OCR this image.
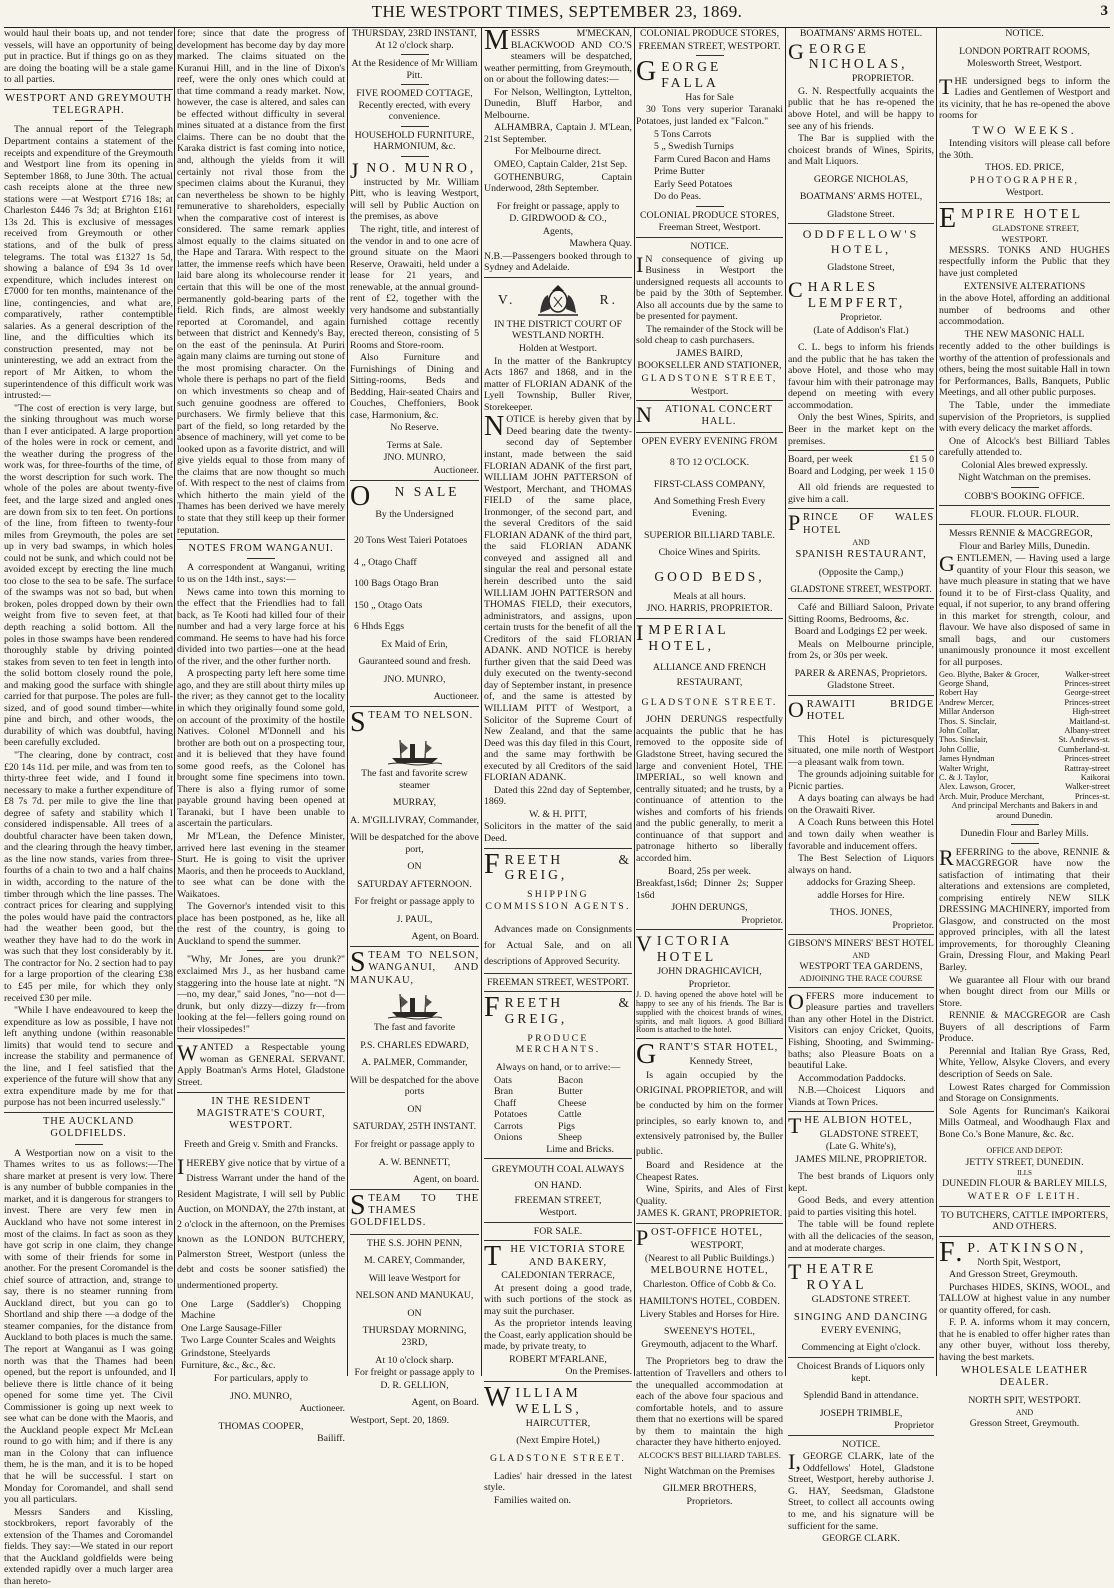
THE WESTPORT TIMES, SEPTEMBER 23, 1869.	3

would haul their boats up, and not tender vessels, will have an opportunity of being put in practice. But if things go on as they are doing the boating will be a stale game to all parties.

WESTPORT AND GREYMOUTH TELEGRAPH.

The annual report of the Telegraph Department contains a statement of the receipts and expenditure of the Greymouth and Westport line from its opening in September 1868, to June 30th. The actual cash receipts alone at the three new stations were —at Westport £716 18s; at Charleston £446 7s 3d; at Brighton £161 13s 2d. This is exclusive of messages received from Greymouth or other stations, and of the bulk of press telegrams. The total was £1327 1s 5d, showing a balance of £94 3s 1d over expenditure, which includes interest on £7000 for ten months, maintenance of the line, contingencies, and what are, comparatively, rather contemptible salaries. As a general description of the line, and the difficulties which its construction presented, may not be uninteresting, we add an extract from the report of Mr Aitken, to whom the superintendence of this difficult work was intrusted:—

"The cost of erection is very large, but the sinking throughout was much worse than I ever anticipated. A large proportion of the holes were in rock or cement, and the weather during the progress of the work was, for three-fourths of the time, of the worst description for such work. The whole of the poles are about twenty-five feet, and the large sized and angled ones are down from six to ten feet. On portions of the line, from fifteen to twenty-four miles from Greymouth, the poles are set up in very bad swamps, in which holes could not be sunk, and which could not be avoided except by erecting the line much too close to the sea to be safe. The surface of the swamps was not so bad, but when broken, poles dropped down by their own weight from five to seven feet, at that depth reaching a solid bottom. All the poles in those swamps have been rendered thoroughly stable by driving pointed stakes from seven to ten feet in length into the solid bottom closely round the pole, and making good the surface with shingle carried for that purpose. The poles are full-sized, and of good sound timber—white pine and birch, and other woods, the durability of which was doubtful, having been carefully excluded.

"The clearing, done by contract, cost £20 14s 11d. per mile, and was from ten to thirty-three feet wide, and I found it necessary to make a further expenditure of £8 7s 7d. per mile to give the line that degree of safety and stability which I considered indispensable. All trees of a doubtful character have been taken down, and the clearing through the heavy timber, as the line now stands, varies from three-fourths of a chain to two and a half chains in width, according to the nature of the timber through which the line passes. The contract prices for clearing and supplying the poles would have paid the contractors had the weather been good, but the weather they have had to do the work in was such that they lost considerably by it. The contractor for No. 2 section had to pay for a large proportion of the clearing £38 to £45 per mile, for which they only received £30 per mile.

"While I have endeavoured to keep the expenditure as low as possible, I have not left anything undone (within reasonable limits) that would tend to secure and increase the stability and permanence of the line, and I feel satisfied that the experience of the future will show that any extra expenditure made by me for that purpose has not been incurred uselessly."

THE AUCKLAND GOLDFIELDS.

A Westportian now on a visit to the Thames writes to us as follows:—The share market at present is very low. There is any number of bubble companies in the market, and it is dangerous for strangers to invest. There are very few men in Auckland who have not some interest in most of the claims. In fact as soon as they have got scrip in one claim, they change with some of their friends for some in another. For the present Coromandel is the chief source of attraction, and, strange to say, there is no steamer running from Auckland direct, but you can go to Shortland and ship there —a dodge of the steamer companies, for the distance from Auckland to both places is much the same. The report at Wanganui as I was going north was that the Thames had been opened, but the report is unfounded, and I believe there is little chance of it being opened for some time yet. The Civil Commissioner is going up next week to see what can be done with the Maoris, and the Auckland people expect Mr McLean round to go with him; and if there is any man in the Colony that can influence them, he is the man, and it is to be hoped that he will be successful. I start on Monday for Coromandel, and shall send you all particulars.

Messrs Sanders and Kissling, stockbrokers, report favorably of the extension of the Thames and Coromandel fields. They say:—We stated in our report that the Auckland goldfields were being extended rapidly over a much larger area than hereto-

fore; since that date the progress of development has become day by day more marked. The claims situated on the Kuranui Hill, and in the line of Dixon's reef, were the only ones which could at that time command a ready market. Now, however, the case is altered, and sales can be effected without difficulty in several mines situated at a distance from the first claims. There can be no doubt that the Karaka district is fast coming into notice, and, although the yields from it will certainly not rival those from the specimen claims about the Kuranui, they can nevertheless be shown to be highly remunerative to shareholders, especially when the comparative cost of interest is considered. The same remark applies almost equally to the claims situated on the Hape and Tarara. With respect to the latter, the immense reefs which have been laid bare along its wholecourse render it certain that this will be one of the most permanently gold-bearing parts of the field. Rich finds, are almost weekly reported at Coromandel, and again between that district and Kennedy's Bay, on the east of the peninsula. At Puriri again many claims are turning out stone of the most promising character. On the whole there is perhaps no part of the field on which investments so cheap and of such genuine goodness are offered to purchasers. We firmly believe that this part of the field, so long retarded by the absence of machinery, will yet come to be looked upon as a favorite district, and will give yields equal to those from many of the claims that are now thought so much of. With respect to the nest of claims from which hitherto the main yield of the Thames has been derived we have merely to state that they still keep up their former reputation.

NOTES FROM WANGANUI.

A correspondent at Wanganui, writing to us on the 14th inst., says:—

News came into town this morning to the effect that the Friendlies had to fall back, as Te Kooti had killed four of their number and had a very large force at his command. He seems to have had his force divided into two parties—one at the head of the river, and the other further north.

A prospecting party left here some time ago, and they are still about thirty miles up the river; as they cannot get to the locality in which they originally found some gold, on account of the proximity of the hostile Natives. Colonel M'Donnell and his brother are both out on a prospecting tour, and it is believed that they have found some good reefs, as the Colonel has brought some fine specimens into town. There is also a flying rumor of some payable ground having been opened at Taranaki, but I have been unable to ascertain the particulars.

Mr M'Lean, the Defence Minister, arrived here last evening in the steamer Sturt. He is going to visit the upriver Maoris, and then he proceeds to Auckland, to see what can be done with the Waikatoes.

The Governor's intended visit to this place has been postponed, as he, like all the rest of the country, is going to Auckland to spend the summer.

"Why, Mr Jones, are you drunk?" exclaimed Mrs J., as her husband came staggering into the house late at night. "N—no, my dear," said Jones, "no—not d—drunk, but only dizzy—dizzy fr—from looking at the fel—fellers going round on their vlossipedes!"

WANTED a Respectable young woman as GENERAL SERVANT. Apply Boatman's Arms Hotel, Gladstone Street.

IN THE RESIDENT MAGISTRATE'S COURT, WESTPORT.

Freeth and Greig v. Smith and Francks.

IHEREBY give notice that by virtue of a Distress Warrant under the hand of the Resident Magistrate, I will sell by Public Auction, on MONDAY, the 27th instant, at 2 o'clock in the afternoon, on the Premises known as the LONDON BUTCHERY, Palmerston Street, Westport (unless the debt and costs be sooner satisfied) the undermentioned property.

One Large (Saddler's) Chopping Machine

One Large Sausage-Filler

Two Large Counter Scales and Weights

Grindstone, Steelyards

Furniture, &c., &c., &c.

For particulars, apply to

JNO. MUNRO,

Auctioneer.

THOMAS COOPER,

Bailiff.

THURSDAY, 23RD INSTANT, At 12 o'clock sharp.

At the Residence of Mr William Pitt.

FIVE ROOMED COTTAGE, Recently erected, with every convenience.

HOUSEHOLD FURNITURE, HARMONIUM, &c.

JNO. MUNRO,

instructed by Mr. William Pitt, who is leaving Westport, will sell by Public Auction on the premises, as above

The right, title, and interest of the vendor in and to one acre of ground situate on the Maori Reserve, Orawaiti, held under a lease for 21 years, and renewable, at the annual ground-rent of £2, together with the very handsome and substantially furnished cottage recently erected thereon, consisting of 5 Rooms and Store-room.

Also Furniture and Furnishings of Dining and Sitting-rooms, Beds and Bedding, Hair-seated Chairs and Couches, Cheffoniers, Book case, Harmonium, &c.

No Reserve.

Terms at Sale.

JNO. MUNRO,

Auctioneer.

ON SALE

By the Undersigned

20 Tons West Taieri Potatoes

4 „ Otago Chaff

100 Bags Otago Bran

150 „ Otago Oats

6 Hhds Eggs

Ex Maid of Erin,

Gauranteed sound and fresh.

JNO. MUNRO,

Auctioneer.

STEAM TO NELSON.

The fast and favorite screw steamer

MURRAY,

A. M'GILLIVRAY, Commander,

Will be despatched for the above port,

ON

SATURDAY AFTERNOON.

For freight or passage apply to

J. PAUL,

Agent, on Board.

STEAM TO NELSON, WANGANUI, AND MANUKAU,

The fast and favorite

P.S. CHARLES EDWARD,

A. PALMER, Commander,

Will be despatched for the above ports

ON

SATURDAY, 25TH INSTANT.

For freight or passage apply to

A. W. BENNETT,

Agent, on board.

STEAM TO THE THAMES GOLDFIELDS.

THE S.S. JOHN PENN,

M. CAREY, Commander,

Will leave Westport for

NELSON AND MANUKAU,

ON

THURSDAY MORNING, 23RD,

At 10 o'clock sharp.

For freight or passage apply to

D. R. GELLION,

Agent, on Board.

Westport, Sept. 20, 1869.

MESSRS M'MECKAN, BLACKWOOD AND CO.'S steamers will be despatched, weather permitting, from Greymouth, on or about the following dates:—

For Nelson, Wellington, Lyttelton, Dunedin, Bluff Harbor, and Melbourne.

ALHAMBRA, Captain J. M'Lean, 21st September.

For Melbourne direct.

OMEO, Captain Calder, 21st Sep.

GOTHENBURG, Captain Underwood, 28th September.

For freight or passage, apply to

D. GIRDWOOD & CO.,

Agents,

Mawhera Quay.

N.B.—Passengers booked through to Sydney and Adelaide.

V.	R.

IN THE DISTRICT COURT OF WESTLAND NORTH.

Holden at Westport.

In the matter of the Bankruptcy Acts 1867 and 1868, and in the matter of FLORIAN ADANK of the Lyell Township, Buller River, Storekeeper.

NOTICE is hereby given that by Deed bearing date the twenty-second day of September instant, made between the said FLORIAN ADANK of the first part, WILLIAM JOHN PATTERSON of Westport, Merchant, and THOMAS FIELD of the same place, Ironmonger, of the second part, and the several Creditors of the said FLORIAN ADANK of the third part, the said FLORIAN ADANK conveyed and assigned all and singular the real and personal estate herein described unto the said WILLIAM JOHN PATTERSON and THOMAS FIELD, their executors, administrators, and assigns, upon certain trusts for the benefit of all the Creditors of the said FLORIAN ADANK. AND NOTICE is hereby further given that the said Deed was duly executed on the twenty-second day of September instant, in presence of, and the same is attested by WILLIAM PITT of Westport, a Solicitor of the Supreme Court of New Zealand, and that the same Deed was this day filed in this Court, and the same may forthwith be executed by all Creditors of the said FLORIAN ADANK.

Dated this 22nd day of September, 1869.

W. & H. PITT,

Solicitors in the matter of the said Deed.

FREETH & GREIG,

SHIPPING COMMISSION AGENTS.

Advances made on Consignments for Actual Sale, and on all descriptions of Approved Security.

FREEMAN STREET, WESTPORT.

FREETH & GREIG,

PRODUCE MERCHANTS.

Always on hand, or to arrive:—

Oats	Bacon
Bran	Butter
Chaff	Cheese
Potatoes	Cattle
Carrots	Pigs
Onions	Sheep

Lime and Bricks.

GREYMOUTH COAL ALWAYS ON HAND.

FREEMAN STREET,

Westport.

FOR SALE.

THE VICTORIA STORE AND BAKERY,

CALEDONIAN TERRACE,

At present doing a good trade, with such portions of the stock as may suit the purchaser.

As the proprietor intends leaving the Coast, early application should be made, by private treaty, to

ROBERT M'FARLANE,

On the Premises.

WILLIAM WELLS,

HAIRCUTTER,

(Next Empire Hotel,)

GLADSTONE STREET.

Ladies' hair dressed in the latest style.

Families waited on.

COLONIAL PRODUCE STORES,

FREEMAN STREET, WESTPORT.

GEORGE FALLA

Has for Sale

30 Tons very superior Taranaki Potatoes, just landed ex "Falcon."

5 Tons Carrots

5 „ Swedish Turnips

Farm Cured Bacon and Hams

Prime Butter

Early Seed Potatoes

Do do Peas.

COLONIAL PRODUCE STORES,

Freeman Street, Westport.

NOTICE.

IN consequence of giving up Business in Westport the undersigned requests all accounts to be paid by the 30th of September. Also all accounts due by the same to be presented for payment.

The remainder of the Stock will be sold cheap to cash purchasers.

JAMES BAIRD,

BOOKSELLER AND STATIONER,

GLADSTONE STREET,

Westport.

NATIONAL CONCERT HALL.

OPEN EVERY EVENING FROM

8 TO 12 O'CLOCK.

FIRST-CLASS COMPANY,

And Something Fresh Every Evening.

SUPERIOR BILLIARD TABLE.

Choice Wines and Spirits.

GOOD BEDS,

Meals at all hours.

JNO. HARRIS, PROPRIETOR.

IMPERIAL HOTEL,

ALLIANCE AND FRENCH RESTAURANT,

GLADSTONE STREET.

JOHN DERUNGS respectfully acquaints the public that he has removed to the opposite side of Gladstone Street, having secured the large and convenient Hotel, THE IMPERIAL, so well known and centrally situated; and he trusts, by a continuance of attention to the wishes and comforts of his friends and the public generally, to merit a continuance of that support and patronage hitherto so liberally accorded him.

Board, 25s per week.

Breakfast,1s6d; Dinner 2s; Supper 1s6d

JOHN DERUNGS,

Proprietor.

VICTORIA HOTEL

JOHN DRAGHICAVICH,

Proprietor.

J. D. having opened the above hotel will be happy to see any of his friends. The Bar is supplied with the choicest brands of wines, spirits, and malt liquors. A good Billiard Room is attached to the hotel.

GRANT'S STAR HOTEL,

Kennedy Street,

Is again occupied by the ORIGINAL PROPRIETOR, and will be conducted by him on the former principles, so early known to, and extensively patronised by, the Buller public.

Board and Residence at the Cheapest Rates.

Wine, Spirits, and Ales of First Quality.

JAMES K. GRANT, PROPRIETOR.

POST-OFFICE HOTEL,

WESTPORT,

(Nearest to all Public Buildings.)

MELBOURNE HOTEL,

Charleston. Office of Cobb & Co.

HAMILTON'S HOTEL, COBDEN.

Livery Stables and Horses for Hire.

SWEENEY'S HOTEL,

Greymouth, adjacent to the Wharf.

The Proprietors beg to draw the attention of Travellers and others to the unequalled accommodation at each of the above four spacious and comfortable hotels, and to assure them that no exertions will be spared by them to maintain the high character they have hitherto enjoyed.

ALCOCK'S BEST BILLIARD TABLES.

Night Watchman on the Premises

GILMER BROTHERS,

Proprietors.

BOATMANS' ARMS HOTEL.

GEORGE NICHOLAS,

PROPRIETOR.

G. N. Respectfully acquaints the public that he has re-opened the above Hotel, and will be happy to see any of his friends.

The Bar is supplied with the choicest brands of Wines, Spirits, and Malt Liquors.

GEORGE NICHOLAS,

BOATMANS' ARMS HOTEL,

Gladstone Street.

ODDFELLOW'S HOTEL,

Gladstone Street,

CHARLES LEMPFERT,

Proprietor.

(Late of Addison's Flat.)

C. L. begs to inform his friends and the public that he has taken the above Hotel, and those who may favour him with their patronage may depend on meeting with every accommodation.

Only the best Wines, Spirits, and Beer in the market kept on the premises.

Board, per week	£1 5 0
Board and Lodging, per week 1 15 0

All old friends are requested to give him a call.

PRINCE OF WALES HOTEL

AND

SPANISH RESTAURANT,

(Opposite the Camp,)

GLADSTONE STREET, WESTPORT.

Café and Billiard Saloon, Private Sitting Rooms, Bedrooms, &c.

Board and Lodgings £2 per week.

Meals on Melbourne principle, from 2s, or 30s per week.

PARER & ARENAS, Proprietors.

Gladstone Street.

ORAWAITI BRIDGE HOTEL

This Hotel is picturesquely situated, one mile north of Westport—a pleasant walk from town.

The grounds adjoining suitable for Picnic parties.

A days boating can always be had on the Orawaiti River.

A Coach Runs between this Hotel and town daily when weather is favorable and inducement offers.

The Best Selection of Liquors always on hand.

addocks for Grazing Sheep.

addle Horses for Hire.

THOS. JONES,

Proprietor.

GIBSON'S MINERS' BEST HOTEL

AND

WESTPORT TEA GARDENS,

ADJOINING THE RACE COURSE

OFFERS more inducement to pleasure parties and travellers than any other Hotel in the District. Visitors can enjoy Cricket, Quoits, Fishing, Shooting, and Swimming-baths; also Pleasure Boats on a beautiful Lake.

Accommodation Paddocks.

N.B.—Choicest Liquors and Viands at Town Prices.

THE ALBION HOTEL,

GLADSTONE STREET,

(Late G. White's),

JAMES MILNE, PROPRIETOR.

The best brands of Liquors only kept.

Good Beds, and every attention paid to parties visiting this hotel.

The table will be found replete with all the delicacies of the season, and at moderate charges.

THEATRE ROYAL

GLADSTONE STREET.

SINGING AND DANCING

EVERY EVENING,

Commencing at Eight o'clock.

Choicest Brands of Liquors only kept.

Splendid Band in attendance.

JOSEPH TRIMBLE,

Proprietor

NOTICE.

I,GEORGE CLARK, late of the Oddfellows' Hotel, Gladstone Street, Westport, hereby authorise J. G. HAY, Seedsman, Gladstone Street, to collect all accounts owing to me, and his signature will be sufficient for the same.

GEORGE CLARK.

NOTICE.

LONDON PORTRAIT ROOMS,

Molesworth Street, Westport.

THE undersigned begs to inform the Ladies and Gentlemen of Westport and its vicinity, that he has re-opened the above rooms for

TWO WEEKS.

Intending visitors will please call before the 30th.

THOS. ED. PRICE,

PHOTOGRAPHER,

Westport.

EMPIRE HOTEL

GLADSTONE STREET,

WESTPORT.

MESSRS. TONKS AND HUGHES respectfully inform the Public that they have just completed

EXTENSIVE ALTERATIONS

in the above Hotel, affording an additional number of bedrooms and other accommodation.

THE NEW MASONIC HALL

recently added to the other buildings is worthy of the attention of professionals and others, being the most suitable Hall in town for Performances, Balls, Banquets, Public Meetings, and all other public purposes.

The Table, under the immediate supervision of the Proprietors, is supplied with every delicacy the market affords.

One of Alcock's best Billiard Tables carefully attended to.

Colonial Ales brewed expressly.

Night Watchman on the premises.

COBB'S BOOKING OFFICE.

FLOUR. FLOUR. FLOUR.

Messrs RENNIE & MACGREGOR,

Flour and Barley Mills, Dunedin.

GENTLEMEN, — Having used a large quantity of your Flour this season, we have much pleasure in stating that we have found it to be of First-class Quality, and equal, if not superior, to any brand offering in this market for strength, colour, and flavour. We have also disposed of same in small bags, and our customers unanimously pronounce it most excellent for all purposes.

Geo. Blythe, Baker & Grocer,	Walker-street
George Shand,	Princes-street
Robert Hay	George-street
Andrew Mercer,	Princes-street
Millar Anderson	High-street
Thos. S. Sinclair,	Maitland-st.
John Collar,	Albany-street
Thos. Sinclair,	St. Andrews-st.
John Collie,	Cumberland-st.
James Hyndman	Princes-street
Walter Wright,	Rattray-street
C. & J. Taylor,	Kaikorai
Alex. Lawson, Grocer,	Walker-street
Arch. Muir, Produce Merchant,	Princes-st.

And principal Merchants and Bakers in and around Dunedin.

Dunedin Flour and Barley Mills.

REFERRING to the above, RENNIE & MACGREGOR have now the satisfaction of intimating that their alterations and extensions are completed, comprising entirely NEW SILK DRESSING MACHINERY, imported from Glasgow, and constructed on the most approved principles, with all the latest improvements, for thoroughly Cleaning Grain, Dressing Flour, and Making Pearl Barley.

We guarantee all Flour with our brand when bought direct from our Mills or Store.

RENNIE & MACGREGOR are Cash Buyers of all descriptions of Farm Produce.

Perennial and Italian Rye Grass, Red, White, Yellow, Alsyke Clovers, and every description of Seeds on Sale.

Lowest Rates charged for Commission and Storage on Consignments.

Sole Agents for Runciman's Kaikorai Mills Oatmeal, and Woodhaugh Flax and Bone Co.'s Bone Manure, &c. &c.

OFFICE AND DEPOT:

JETTY STREET, DUNEDIN.

ILLS

DUNEDIN FLOUR & BARLEY MILLS,

WATER OF LEITH.

TO BUTCHERS, CATTLE IMPORTERS, AND OTHERS.

F.P. ATKINSON,

North Spit, Westport,

And Gresson Street, Greymouth.

Purchases HIDES, SKINS, WOOL, and TALLOW at highest value in any number or quantity offered, for cash.

F. P. A. informs whom it may concern, that he is enabled to offer higher rates than any other buyer, without loss thereby, having the best markets.

WHOLESALE LEATHER DEALER.

NORTH SPIT, WESTPORT.

AND

Gresson Street, Greymouth.
